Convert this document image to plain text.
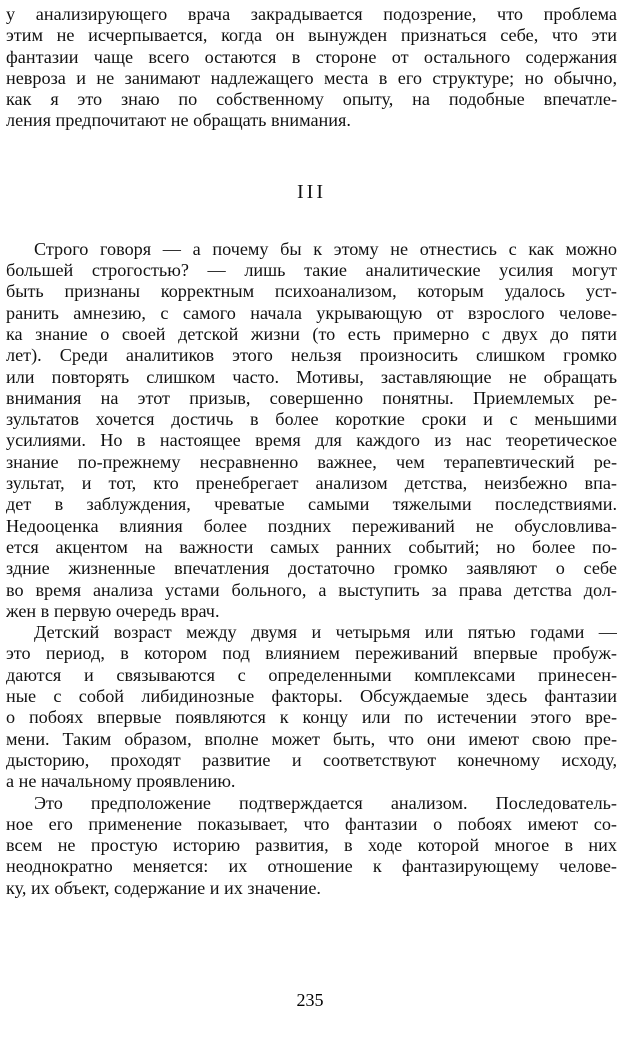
у анализирующего врача закрадывается подозрение, что проблема
этим не исчерпывается, когда он вынужден признаться себе, что эти
фантазии чаще всего остаются в стороне от остального содержания
невроза и не занимают надлежащего места в его структуре; но обычно,
как я это знаю по собственному опыту, на подобные впечатле-
ления предпочитают не обращать внимания.
III
Строго говоря — а почему бы к этому не отнестись с как можно
большей строгостью? — лишь такие аналитические усилия могут
быть признаны корректным психоанализом, которым удалось уст-
ранить амнезию, с самого начала укрывающую от взрослого челове-
ка знание о своей детской жизни (то есть примерно с двух до пяти
лет). Среди аналитиков этого нельзя произносить слишком громко
или повторять слишком часто. Мотивы, заставляющие не обращать
внимания на этот призыв, совершенно понятны. Приемлемых ре-
зультатов хочется достичь в более короткие сроки и с меньшими
усилиями. Но в настоящее время для каждого из нас теоретическое
знание по-прежнему несравненно важнее, чем терапевтический ре-
зультат, и тот, кто пренебрегает анализом детства, неизбежно впа-
дет в заблуждения, чреватые самыми тяжелыми последствиями.
Недооценка влияния более поздних переживаний не обусловлива-
ется акцентом на важности самых ранних событий; но более по-
здние жизненные впечатления достаточно громко заявляют о себе
во время анализа устами больного, а выступить за права детства дол-
жен в первую очередь врач.
Детский возраст между двумя и четырьмя или пятью годами —
это период, в котором под влиянием переживаний впервые пробуж-
даются и связываются с определенными комплексами принесен-
ные с собой либидинозные факторы. Обсуждаемые здесь фантазии
о побоях впервые появляются к концу или по истечении этого вре-
мени. Таким образом, вполне может быть, что они имеют свою пре-
дысторию, проходят развитие и соответствуют конечному исходу,
а не начальному проявлению.
Это предположение подтверждается анализом. Последователь-
ное его применение показывает, что фантазии о побоях имеют со-
всем не простую историю развития, в ходе которой многое в них
неоднократно меняется: их отношение к фантазирующему челове-
ку, их объект, содержание и их значение.
235
